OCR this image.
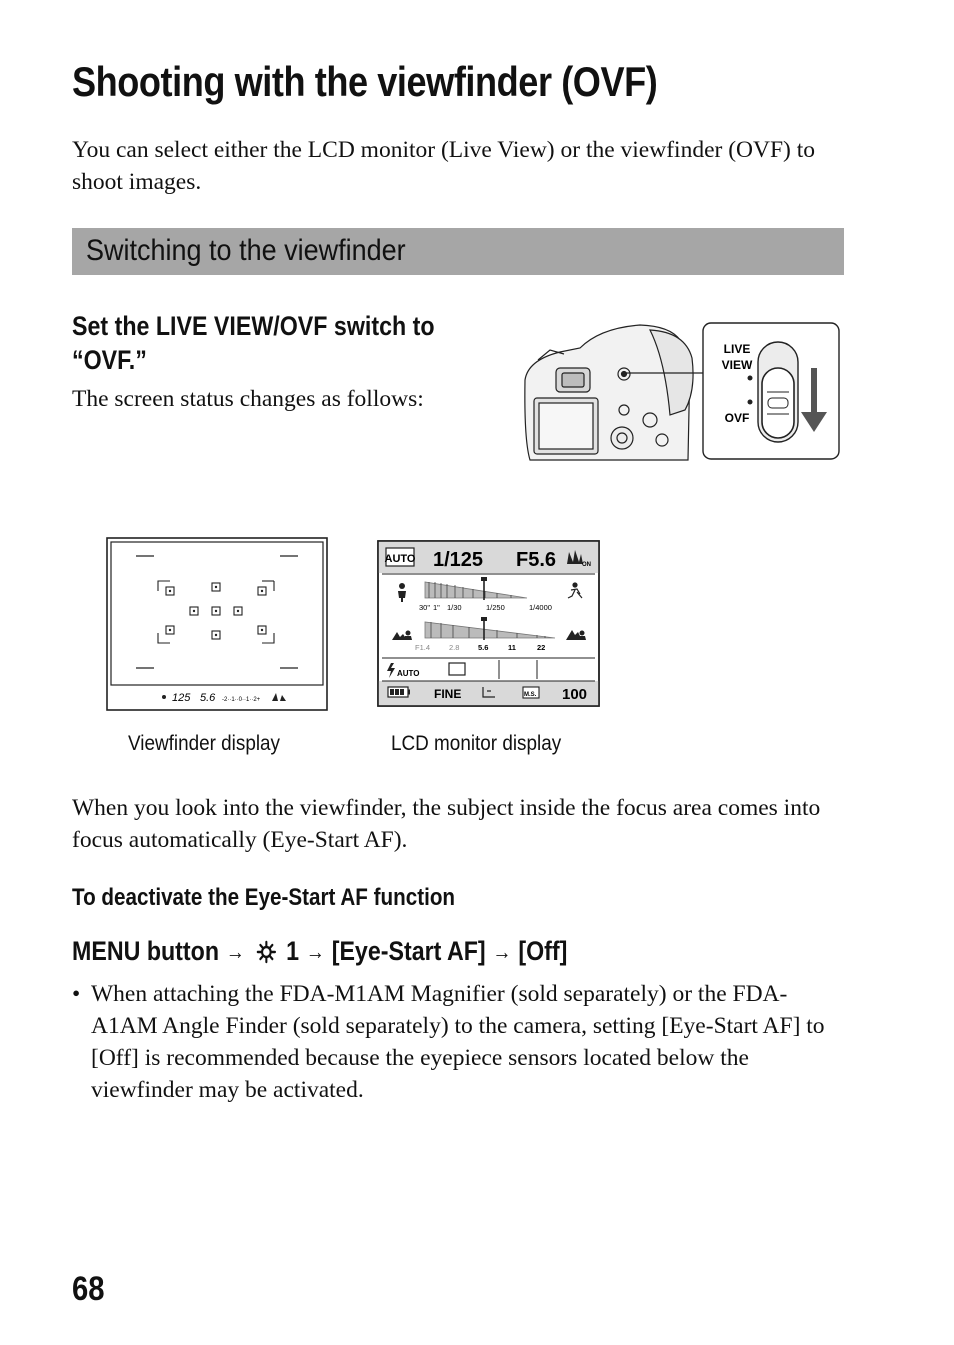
Shooting with the viewfinder (OVF)
You can select either the LCD monitor (Live View) or the viewfinder (OVF) to shoot images.
Switching to the viewfinder
Set the LIVE VIEW/OVF switch to “OVF.”
The screen status changes as follows:
LIVE
VIEW
OVF
125 5.6 -2··1··0··1··2+
AUTO 1/125 F5.6	ON
30" 1" 1/30	1/250	1/4000
F1.4	2.8 5.6	11	22
AUTO
FINE	M.S. 100
Viewfinder display	LCD monitor display
When you look into the viewfinder, the subject inside the focus area comes into focus automatically (Eye-Start AF).
To deactivate the Eye-Start AF function
MENU button → 1 → [Eye-Start AF] → [Off]
• When attaching the FDA-M1AM Magnifier (sold separately) or the FDA-A1AM Angle Finder (sold separately) to the camera, setting [Eye-Start AF] to [Off] is recommended because the eyepiece sensors located below the viewfinder may be activated.
68
